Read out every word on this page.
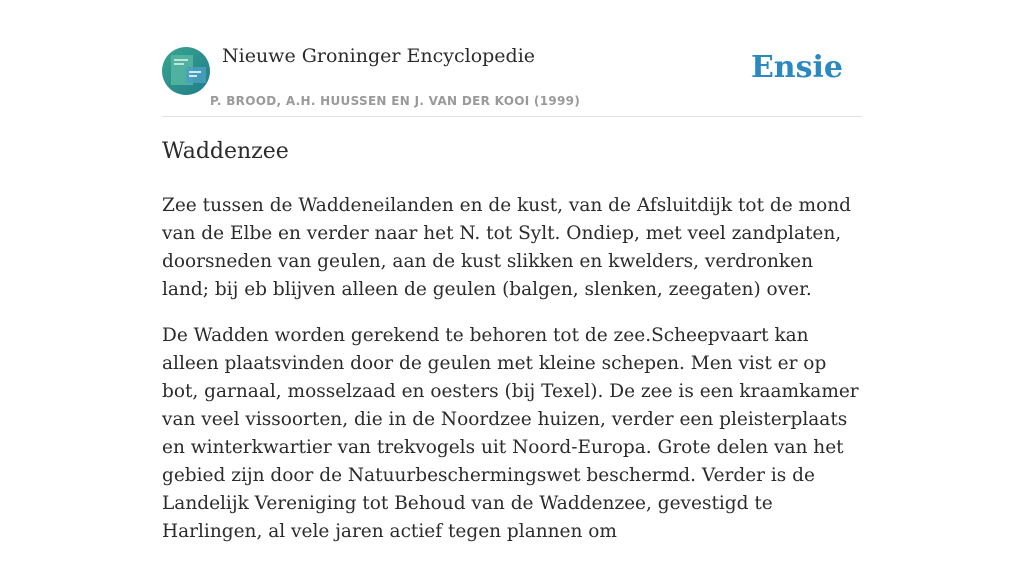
Nieuwe Groninger Encyclopedie
P. BROOD, A.H. HUUSSEN EN J. VAN DER KOOI (1999)
Ensie
Waddenzee

Zee tussen de Waddeneilanden en de kust, van de Afsluitdijk tot de mond van de Elbe en verder naar het N. tot Sylt. Ondiep, met veel zandplaten, doorsneden van geulen, aan de kust slikken en kwelders, verdronken land; bij eb blijven alleen de geulen (balgen, slenken, zeegaten) over.

De Wadden worden gerekend te behoren tot de zee.Scheepvaart kan alleen plaatsvinden door de geulen met kleine schepen. Men vist er op bot, garnaal, mosselzaad en oesters (bij Texel). De zee is een kraamkamer van veel vissoorten, die in de Noordzee huizen, verder een pleisterplaats en winterkwartier van trekvogels uit Noord-Europa. Grote delen van het gebied zijn door de Natuurbeschermingswet beschermd. Verder is de Landelijk Vereniging tot Behoud van de Waddenzee, gevestigd te Harlingen, al vele jaren actief tegen plannen om
